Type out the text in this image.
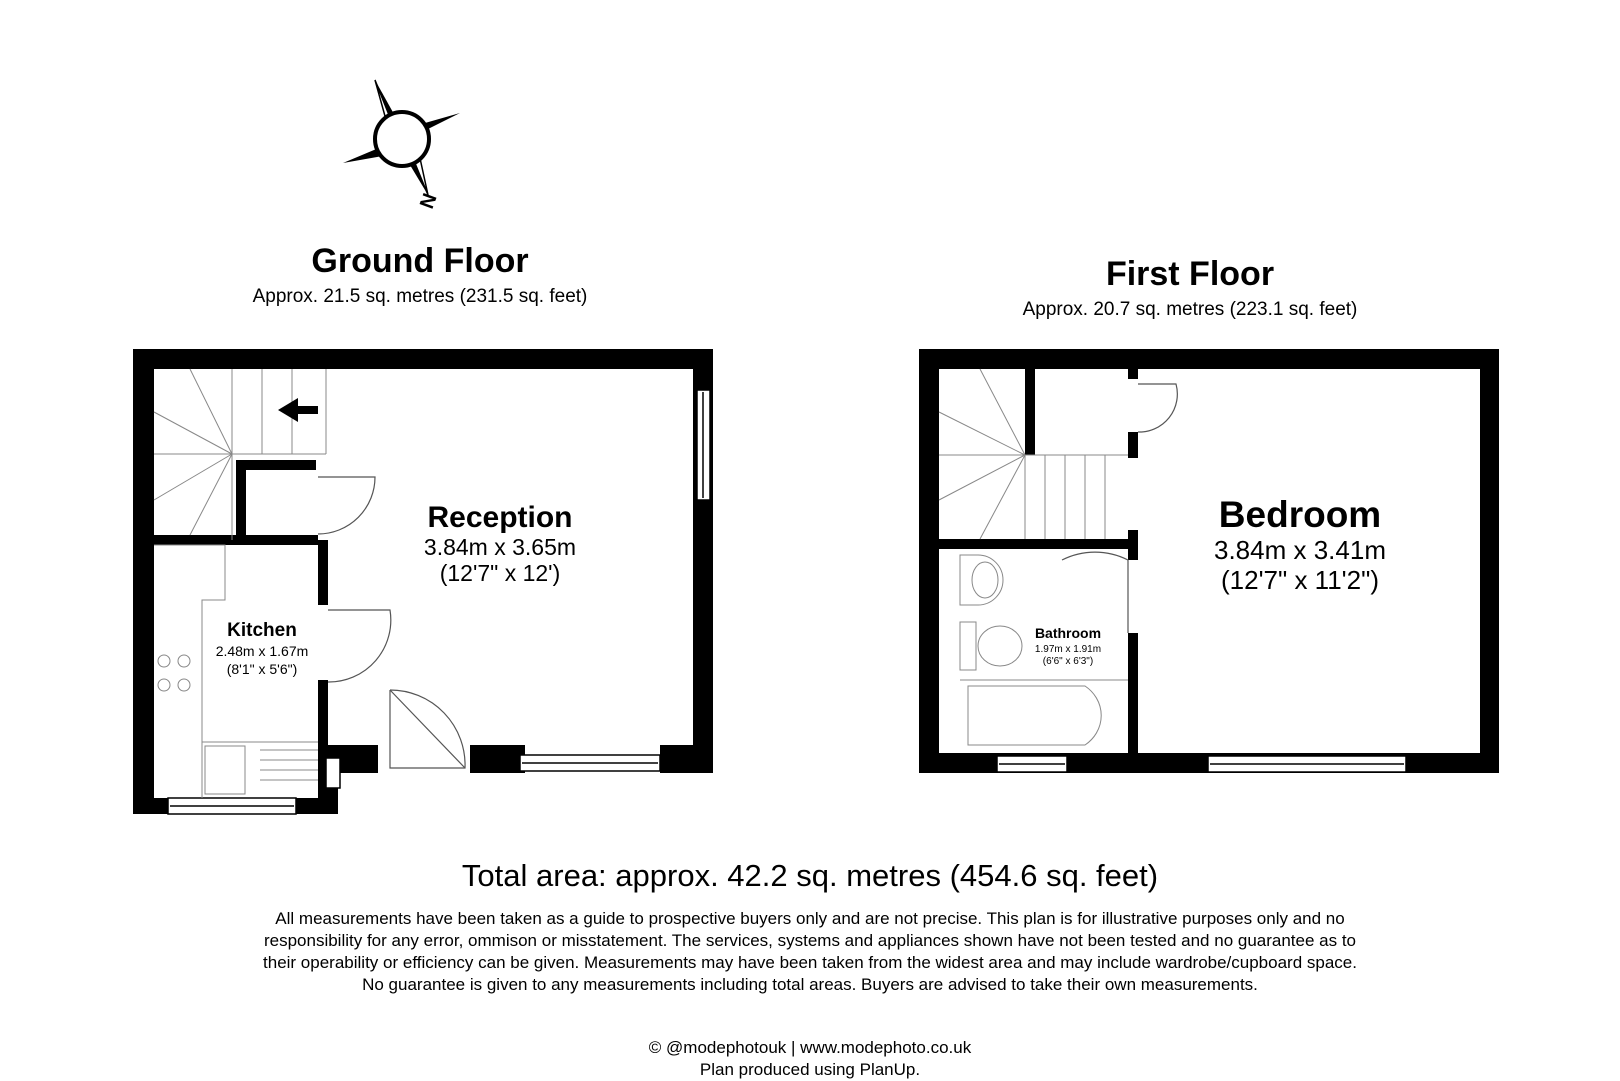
N
Ground Floor
Approx. 21.5 sq. metres (231.5 sq. feet)
First Floor
Approx. 20.7 sq. metres (223.1 sq. feet)
Reception
3.84m x 3.65m
(12'7" x 12')
Kitchen
2.48m x 1.67m
(8'1" x 5'6")
Bedroom
3.84m x 3.41m
(12'7" x 11'2")
Bathroom
1.97m x 1.91m
(6'6" x 6'3")
Total area: approx. 42.2 sq. metres (454.6 sq. feet)
All measurements have been taken as a guide to prospective buyers only and are not precise. This plan is for illustrative purposes only and no responsibility for any error, ommison or misstatement. The services, systems and appliances shown have not been tested and no guarantee as to their operability or efficiency can be given. Measurements may have been taken from the widest area and may include wardrobe/cupboard space. No guarantee is given to any measurements including total areas. Buyers are advised to take their own measurements.
© @modephotouk | www.modephoto.co.uk
Plan produced using PlanUp.
